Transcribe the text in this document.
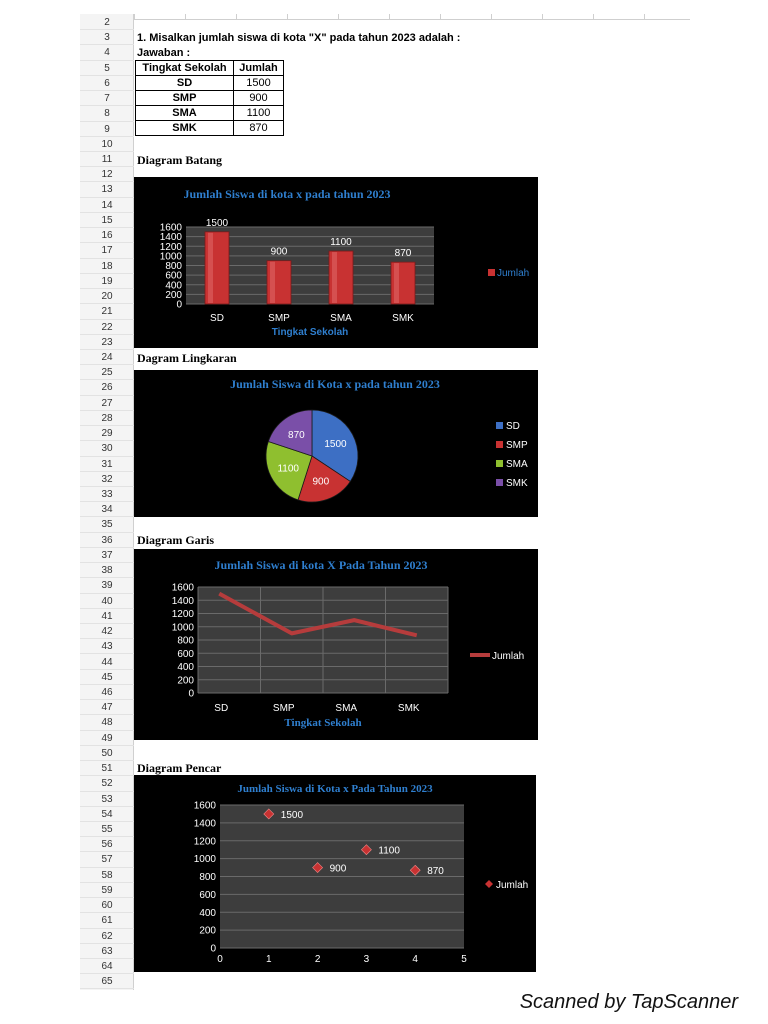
2
3
4
5
6
7
8
9
10
11
12
13
14
15
16
17
18
19
20
21
22
23
24
25
26
27
28
29
30
31
32
33
34
35
36
37
38
39
40
41
42
43
44
45
46
47
48
49
50
51
52
53
54
55
56
57
58
59
60
61
62
63
64
65
1. Misalkan jumlah siswa di kota "X" pada tahun 2023 adalah :
Jawaban :
Tingkat Sekolah	Jumlah
SD	1500
SMP	900
SMA	1100
SMK	870
Diagram Batang
Dagram Lingkaran
Diagram Garis
Diagram Pencar
Jumlah Siswa di kota x pada tahun 2023
0
200
400
600
800
1000
1200
1400
1600 1500
SD
900
SMP
1100
SMA
870
SMK
Tingkat Sekolah
Jumlah
Jumlah Siswa di Kota x pada tahun 2023
1500
900
1100
870
SD
SMP
SMA
SMK
Jumlah Siswa di kota X Pada Tahun 2023
0
200
400
600
800
1000
1200
1400
1600
SD	SMP	SMA	SMK
Tingkat Sekolah
Jumlah
Jumlah Siswa di Kota x Pada Tahun 2023
0
200
400
600
800
1000
1200
1400
1600
0	1	2	3	4	5
1500
900
1100
870
Jumlah
Scanned by TapScanner
